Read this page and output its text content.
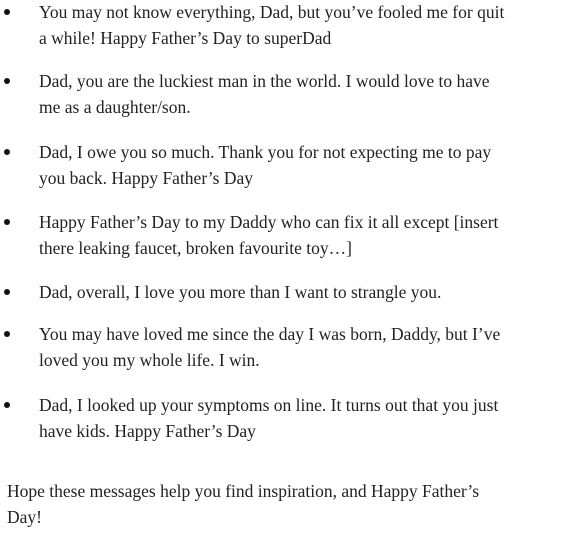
You may not know everything, Dad, but you’ve fooled me for quit
a while! Happy Father’s Day to superDad
Dad, you are the luckiest man in the world. I would love to have
me as a daughter/son.
Dad, I owe you so much. Thank you for not expecting me to pay
you back. Happy Father’s Day
Happy Father’s Day to my Daddy who can fix it all except [insert
there leaking faucet, broken favourite toy…]
Dad, overall, I love you more than I want to strangle you.
You may have loved me since the day I was born, Daddy, but I’ve
loved you my whole life. I win.
Dad, I looked up your symptoms on line. It turns out that you just
have kids. Happy Father’s Day

Hope these messages help you find inspiration, and Happy Father’s
Day!
